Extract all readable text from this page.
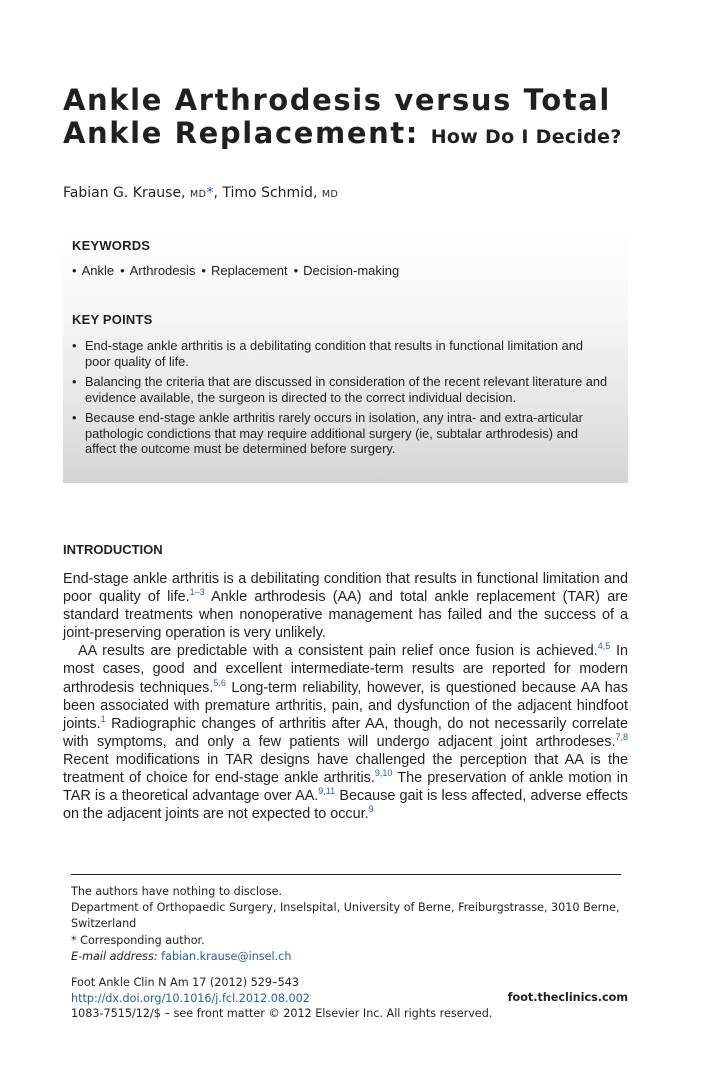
Ankle Arthrodesis versus Total
Ankle Replacement: How Do I Decide?
Fabian G. Krause, MD*, Timo Schmid, MD
KEYWORDS
• Ankle	• Arthrodesis	• Replacement	• Decision-making
KEY POINTS
• End-stage ankle arthritis is a debilitating condition that results in functional limitation and poor quality of life.
• Balancing the criteria that are discussed in consideration of the recent relevant literature and evidence available, the surgeon is directed to the correct individual decision.
• Because end-stage ankle arthritis rarely occurs in isolation, any intra- and extra-articular pathologic condictions that may require additional surgery (ie, subtalar arthrodesis) and affect the outcome must be determined before surgery.
INTRODUCTION

End-stage ankle arthritis is a debilitating condition that results in functional limitation and poor quality of life.$^{1-3}$ Ankle arthrodesis (AA) and total ankle replacement (TAR) are standard treatments when nonoperative management has failed and the success of a joint-preserving operation is very unlikely.

AA results are predictable with a consistent pain relief once fusion is achieved.$^{4,5}$ In most cases, good and excellent intermediate-term results are reported for modern arthrodesis techniques.$^{5,6}$ Long-term reliability, however, is questioned because AA has been associated with premature arthritis, pain, and dysfunction of the adjacent hindfoot joints.$^1$ Radiographic changes of arthritis after AA, though, do not necessarily correlate with symptoms, and only a few patients will undergo adjacent joint arthrodeses.$^{7,8}$ Recent modifications in TAR designs have challenged the perception that AA is the treatment of choice for end-stage ankle arthritis.$^{9,10}$ The preservation of ankle motion in TAR is a theoretical advantage over AA.$^{9,11}$ Because gait is less affected, adverse effects on the adjacent joints are not expected to occur.$^9$

The authors have nothing to disclose.

Department of Orthopaedic Surgery, Inselspital, University of Berne, Freiburgstrasse, 3010 Berne, Switzerland

* Corresponding author.

E-mail address: fabian.krause@insel.ch

Foot Ankle Clin N Am 17 (2012) 529–543

http://dx.doi.org/10.1016/j.fcl.2012.08.002

1083-7515/12/$ – see front matter © 2012 Elsevier Inc. All rights reserved.

foot.theclinics.com
